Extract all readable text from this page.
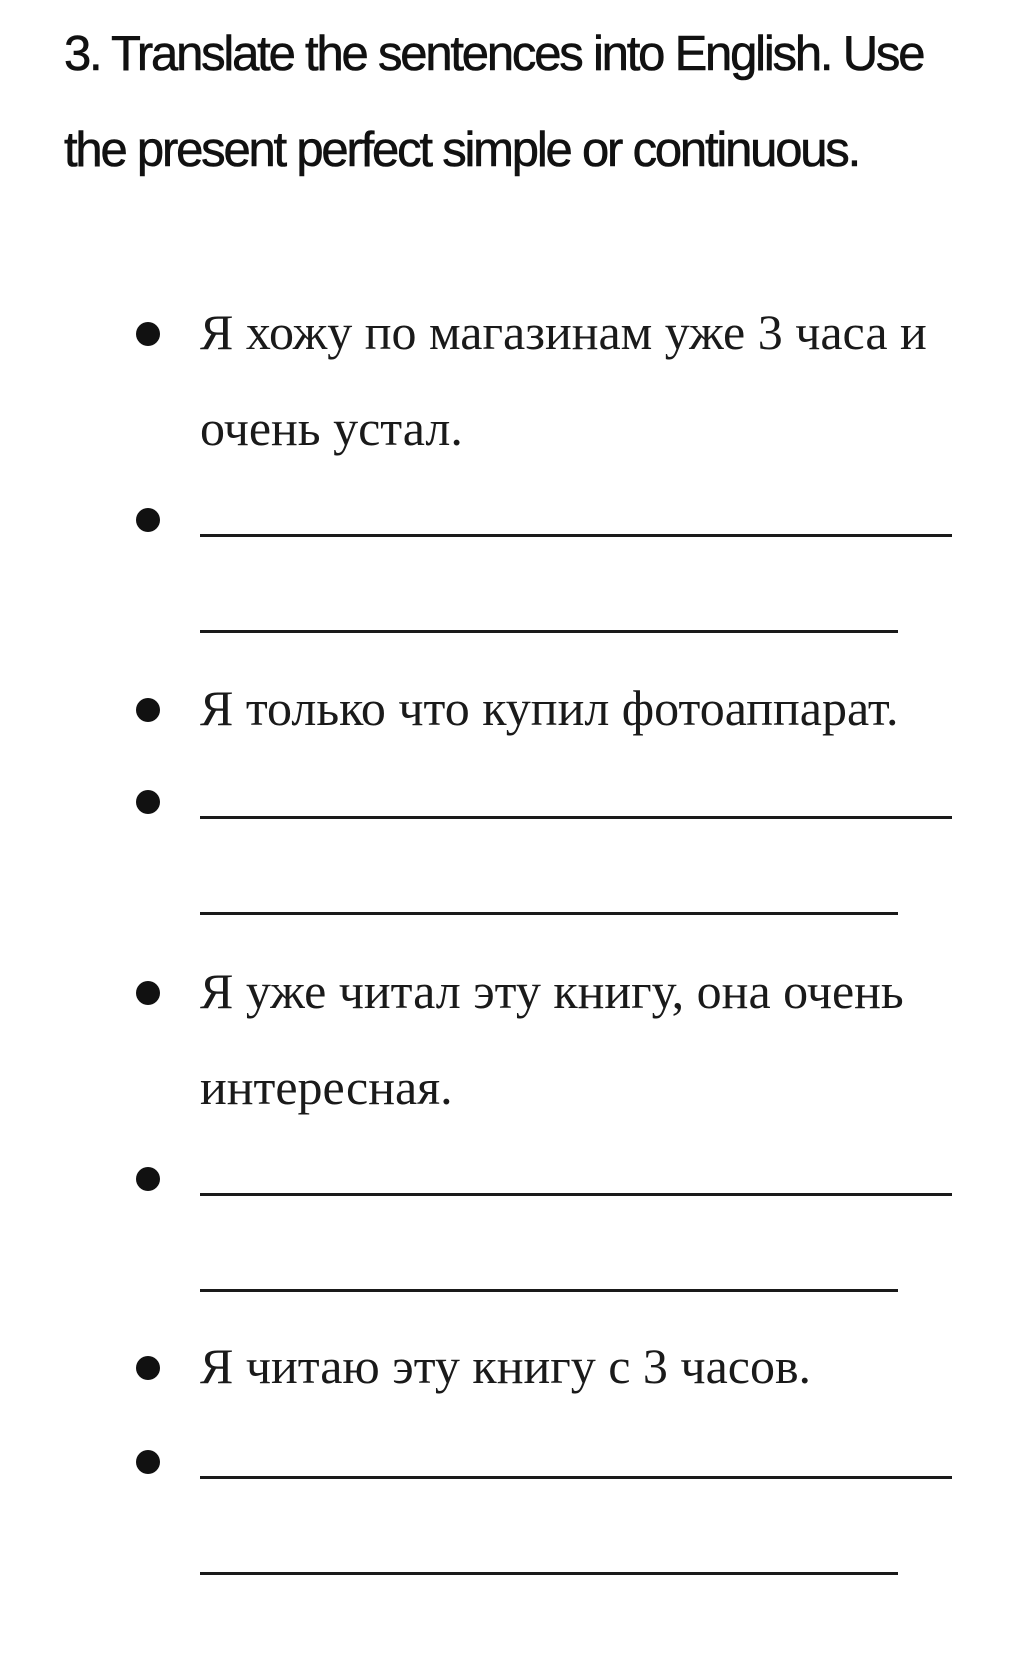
3. Translate the sentences into English. Use the present perfect simple or continuous.

Я хожу по магазинам уже 3 часа и очень устал.

Я только что купил фотоаппарат.

Я уже читал эту книгу, она очень интересная.

Я читаю эту книгу с 3 часов.
